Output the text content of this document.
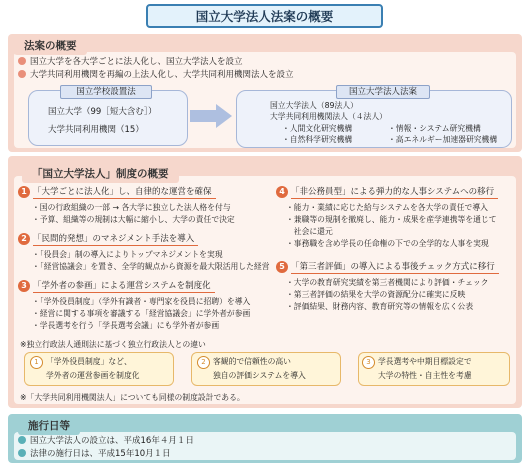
国立大学法人法案の概要
法案の概要
国立大学を各大学ごとに法人化し、国立大学法人を設立
大学共同利用機関を再編の上法人化し、大学共同利用機関法人を設立
国立学校設置法
国立大学（99［短大含む］）
大学共同利用機関（15）
国立大学法人法案
国立大学法人（89法人）
大学共同利用機関法人（４法人）
・人間文化研究機構
・自然科学研究機構
・情報・システム研究機構
・高エネルギー加速器研究機構
「国立大学法人」制度の概要
1 「大学ごとに法人化」し、自律的な運営を確保
・国の行政組織の一部 → 各大学に独立した法人格を付与
・予算、組織等の規制は大幅に縮小し、大学の責任で決定
2 「民間的発想」のマネジメント手法を導入
・「役員会」制の導入によりトップマネジメントを実現
・「経営協議会」を置き、全学的観点から資源を最大限活用した経営
3 「学外者の参画」による運営システムを制度化
・「学外役員制度」（学外有識者・専門家を役員に招聘）を導入
・経営に関する事項を審議する「経営協議会」に学外者が参画
・学長選考を行う「学長選考会議」にも学外者が参画
4 「非公務員型」による弾力的な人事システムへの移行
・能力・業績に応じた給与システムを各大学の責任で導入
・兼職等の規制を撤廃し、能力・成果を産学連携等を通じて
　社会に還元
・事務職を含め学長の任命権の下での全学的な人事を実現
5 「第三者評価」の導入による事後チェック方式に移行
・大学の教育研究実績を第三者機関により評価・チェック
・第三者評価の結果を大学の資源配分に確実に反映
・評価結果、財務内容、教育研究等の情報を広く公表
※独立行政法人通則法に基づく独立行政法人との違い
1 「学外役員制度」など、
学外者の運営参画を制度化
2 客観的で信頼性の高い
独自の評価システムを導入
3 学長選考や中期目標設定で
大学の特性・自主性を考慮
※「大学共同利用機関法人」についても同様の制度設計である。
施行日等
国立大学法人の設立は、平成16年４月１日
法律の施行日は、平成15年10月１日
